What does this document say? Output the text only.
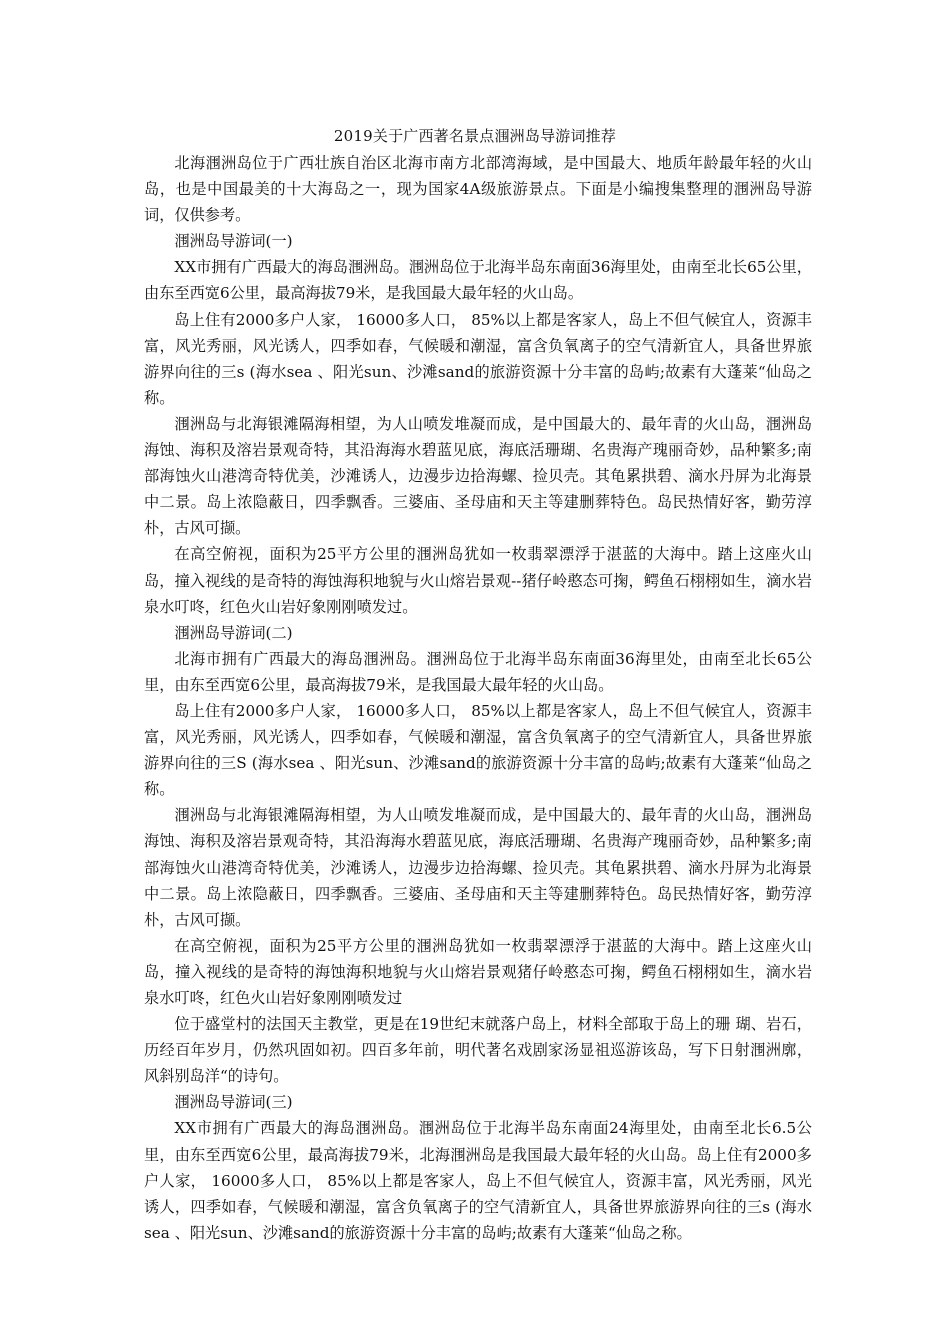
2019关于广西著名景点涠洲岛导游词推荐

北海涠洲岛位于广西壮族自治区北海市南方北部湾海域，是中国最大、地质年龄最年轻的火山岛，也是中国最美的十大海岛之一，现为国家4A级旅游景点。下面是小编搜集整理的涠洲岛导游词，仅供参考。

涠洲岛导游词(一)

XX市拥有广西最大的海岛涠洲岛。涠洲岛位于北海半岛东南面36海里处，由南至北长65公里，由东至西宽6公里，最高海拔79米，是我国最大最年轻的火山岛。

岛上住有2000多户人家， 16000多人口， 85%以上都是客家人，岛上不但气候宜人，资源丰富，风光秀丽，风光诱人，四季如春，气候暖和潮湿，富含负氧离子的空气清新宜人，具备世界旅游界向往的三s (海水sea 、阳光sun、沙滩sand的旅游资源十分丰富的岛屿;故素有大蓬莱“仙岛之称。

涠洲岛与北海银滩隔海相望，为人山喷发堆凝而成，是中国最大的、最年青的火山岛，涠洲岛海蚀、海积及溶岩景观奇特，其沿海海水碧蓝见底，海底活珊瑚、名贵海产瑰丽奇妙，品种繁多;南部海蚀火山港湾奇特优美，沙滩诱人，边漫步边拾海螺、捡贝壳。其龟累拱碧、滴水丹屏为北海景中二景。岛上浓隐蔽日，四季飘香。三婆庙、圣母庙和天主等建删葬特色。岛民热情好客，勤劳淳朴，古风可撷。

在高空俯视，面积为25平方公里的涠洲岛犹如一枚翡翠漂浮于湛蓝的大海中。踏上这座火山岛，撞入视线的是奇特的海蚀海积地貌与火山熔岩景观--猪仔岭憨态可掬，鳄鱼石栩栩如生，滴水岩泉水叮咚，红色火山岩好象刚刚喷发过。

涠洲岛导游词(二)

北海市拥有广西最大的海岛涠洲岛。涠洲岛位于北海半岛东南面36海里处，由南至北长65公里，由东至西宽6公里，最高海拔79米，是我国最大最年轻的火山岛。

岛上住有2000多户人家， 16000多人口， 85%以上都是客家人，岛上不但气候宜人，资源丰富，风光秀丽，风光诱人，四季如春，气候暖和潮湿，富含负氧离子的空气清新宜人，具备世界旅游界向往的三S (海水sea 、阳光sun、沙滩sand的旅游资源十分丰富的岛屿;故素有大蓬莱“仙岛之称。

涠洲岛与北海银滩隔海相望，为人山喷发堆凝而成，是中国最大的、最年青的火山岛，涠洲岛海蚀、海积及溶岩景观奇特，其沿海海水碧蓝见底，海底活珊瑚、名贵海产瑰丽奇妙，品种繁多;南部海蚀火山港湾奇特优美，沙滩诱人，边漫步边拾海螺、捡贝壳。其龟累拱碧、滴水丹屏为北海景中二景。岛上浓隐蔽日，四季飘香。三婆庙、圣母庙和天主等建删葬特色。岛民热情好客，勤劳淳朴，古风可撷。

在高空俯视，面积为25平方公里的涠洲岛犹如一枚翡翠漂浮于湛蓝的大海中。踏上这座火山岛，撞入视线的是奇特的海蚀海积地貌与火山熔岩景观猪仔岭憨态可掬，鳄鱼石栩栩如生，滴水岩泉水叮咚，红色火山岩好象刚刚喷发过

位于盛堂村的法国天主教堂，更是在19世纪末就落户岛上，材料全部取于岛上的珊 瑚、岩石，历经百年岁月，仍然巩固如初。四百多年前，明代著名戏剧家汤显祖巡游该岛，写下日射涠洲廓，风斜别岛洋“的诗句。

涠洲岛导游词(三)

XX市拥有广西最大的海岛涠洲岛。涠洲岛位于北海半岛东南面24海里处，由南至北长6.5公里，由东至西宽6公里，最高海拔79米，北海涠洲岛是我国最大最年轻的火山岛。岛上住有2000多户人家， 16000多人口， 85%以上都是客家人，岛上不但气候宜人，资源丰富，风光秀丽，风光诱人，四季如春，气候暖和潮湿，富含负氧离子的空气清新宜人，具备世界旅游界向往的三s (海水sea 、阳光sun、沙滩sand的旅游资源十分丰富的岛屿;故素有大蓬莱“仙岛之称。
